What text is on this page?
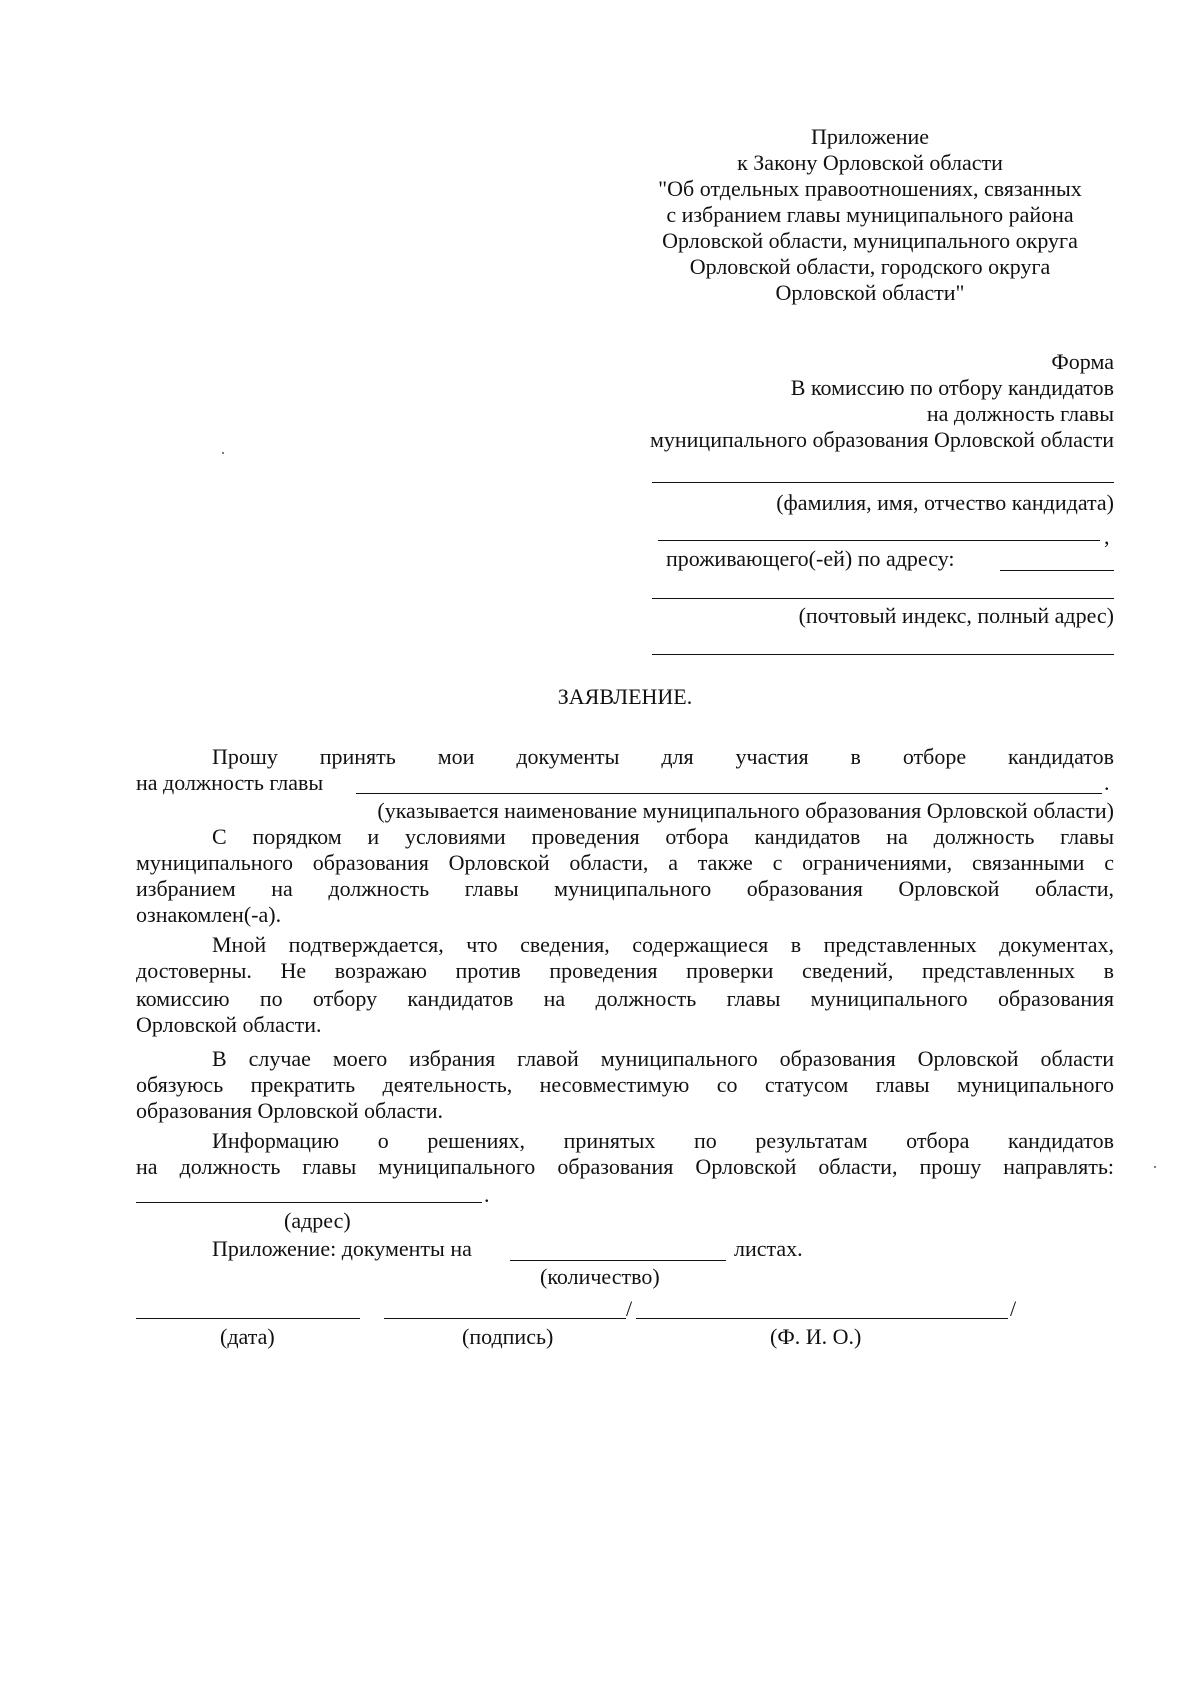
Приложение
к Закону Орловской области
"Об отдельных правоотношениях, связанных
с избранием главы муниципального района
Орловской области, муниципального округа
Орловской области, городского округа
Орловской области"
Форма
В комиссию по отбору кандидатов
на должность главы
муниципального образования Орловской области
(фамилия, имя, отчество кандидата)
,
проживающего(-ей) по адресу:
(почтовый индекс, полный адрес)
ЗАЯВЛЕНИЕ.
Прошу принять мои документы для участия в отборе кандидатов
на должность главы	.
(указывается наименование муниципального образования Орловской области)
С порядком и условиями проведения отбора кандидатов на должность главы
муниципального образования Орловской области, а также с ограничениями, связанными с
избранием на должность главы муниципального образования Орловской области,
ознакомлен(-а).
Мной подтверждается, что сведения, содержащиеся в представленных документах,
достоверны. Не возражаю против проведения проверки сведений, представленных в
комиссию по отбору кандидатов на должность главы муниципального образования
Орловской области.
В случае моего избрания главой муниципального образования Орловской области
обязуюсь прекратить деятельность, несовместимую со статусом главы муниципального
образования Орловской области.
Информацию о решениях, принятых по результатам отбора кандидатов
на должность главы муниципального образования Орловской области, прошу направлять:
.
(адрес)
Приложение: документы на	листах.
(количество)
/	/
(дата)	(подпись)	(Ф. И. О.)
